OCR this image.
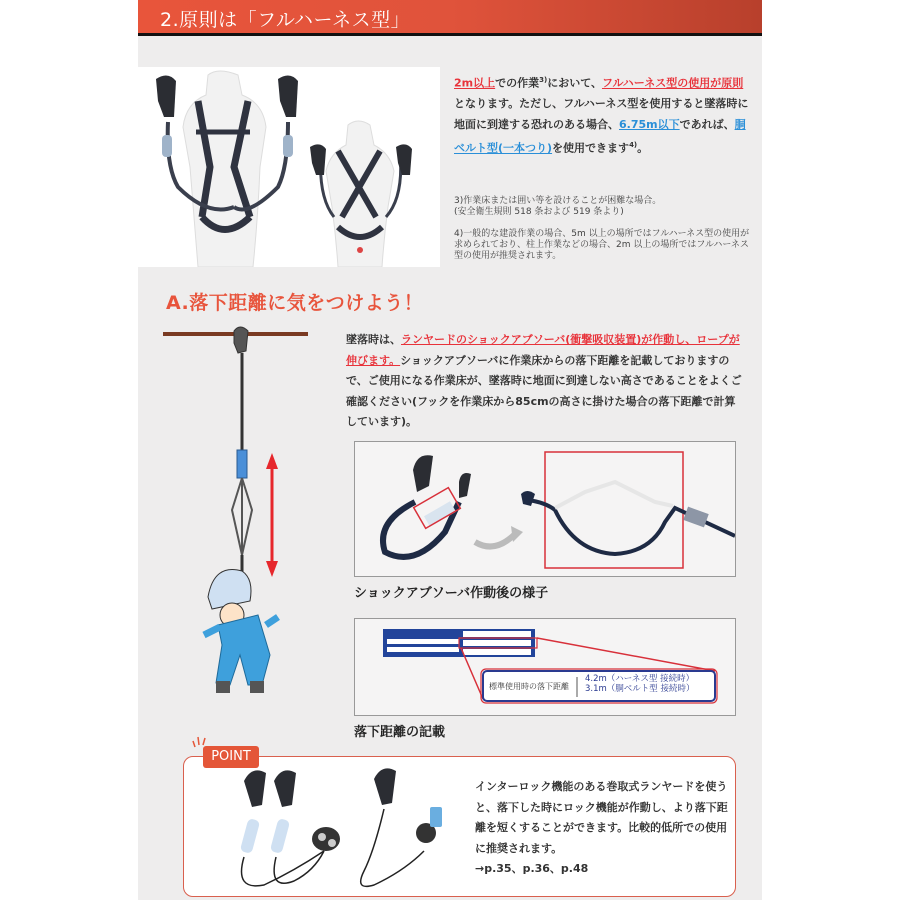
2.原則は「フルハーネス型」
2m以上での作業$^{3)}$において、フルハーネス型の使用が原則となります。ただし、フルハーネス型を使用すると墜落時に地面に到達する恐れのある場合、6.75m以下であれば、胴ベルト型(一本つり)を使用できます$^{4)}$。
3)作業床または囲い等を設けることが困難な場合。
(安全衛生規則 518 条および 519 条より)
4)一般的な建設作業の場合、5m 以上の場所ではフルハーネス型の使用が求められており、柱上作業などの場合、2m 以上の場所ではフルハーネス型の使用が推奨されます。
A.落下距離に気をつけよう！
墜落時は、ランヤードのショックアブソーバ(衝撃吸収装置)が作動し、ロープが伸びます。ショックアブソーバに作業床からの落下距離を記載しておりますので、ご使用になる作業床が、墜落時に地面に到達しない高さであることをよくご確認ください(フックを作業床から85cmの高さに掛けた場合の落下距離で計算しています)。
ショックアブソーバ作動後の様子
標準使用時の落下距離
4.2m（ハーネス型 接続時）
3.1m（胴ベルト型 接続時）
落下距離の記載
POINT
インターロック機能のある巻取式ランヤードを使うと、落下した時にロック機能が作動し、より落下距離を短くすることができます。比較的低所での使用に推奨されます。
→p.35、p.36、p.48
